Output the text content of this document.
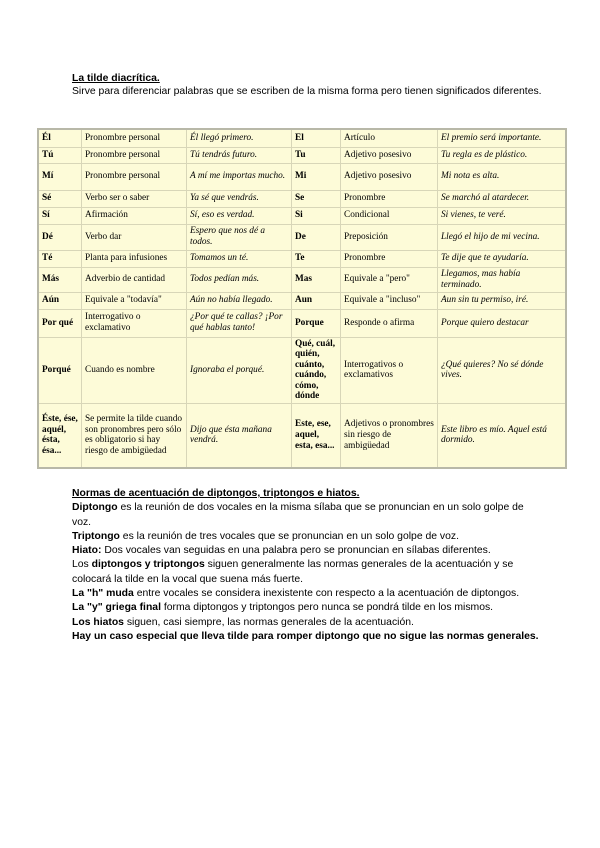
La tilde diacrítica.
Sirve para diferenciar palabras que se escriben de la misma forma pero tienen significados diferentes.
Él	Pronombre personal	Él llegó primero.	El	Artículo	El premio será importante.
Tú	Pronombre personal	Tú tendrás futuro.	Tu	Adjetivo posesivo	Tu regla es de plástico.
Mí	Pronombre personal	A mí me importas mucho.	Mi	Adjetivo posesivo	Mi nota es alta.
Sé	Verbo ser o saber	Ya sé que vendrás.	Se	Pronombre	Se marchó al atardecer.
Sí	Afirmación	Sí, eso es verdad.	Si	Condicional	Si vienes, te veré.
Dé	Verbo dar	Espero que nos dé a todos.	De	Preposición	Llegó el hijo de mi vecina.
Té	Planta para infusiones	Tomamos un té.	Te	Pronombre	Te dije que te ayudaría.
Más	Adverbio de cantidad	Todos pedían más.	Mas	Equivale a "pero"	Llegamos, mas había terminado.
Aún	Equivale a "todavía"	Aún no había llegado.	Aun	Equivale a "incluso"	Aun sin tu permiso, iré.
Por qué	Interrogativo o exclamativo	¿Por qué te callas? ¡Por qué hablas tanto!	Porque	Responde o afirma	Porque quiero destacar
Porqué	Cuando es nombre	Ignoraba el porqué.	Qué, cuál, quién, cuánto, cuándo, cómo, dónde	Interrogativos o exclamativos	¿Qué quieres? No sé dónde vives.
Éste, ése, aquél, ésta, ésa...	Se permite la tilde cuando son pronombres pero sólo es obligatorio si hay riesgo de ambigüedad	Dijo que ésta mañana vendrá.	Este, ese, aquel, esta, esa...	Adjetivos o pronombres sin riesgo de ambigüedad	Este libro es mío. Aquel está dormido.

Normas de acentuación de diptongos, triptongos e hiatos.

Diptongo es la reunión de dos vocales en la misma sílaba que se pronuncian en un solo golpe de voz.

Triptongo es la reunión de tres vocales que se pronuncian en un solo golpe de voz.

Hiato: Dos vocales van seguidas en una palabra pero se pronuncian en sílabas diferentes.

Los diptongos y triptongos siguen generalmente las normas generales de la acentuación y se colocará la tilde en la vocal que suena más fuerte.

La "h" muda entre vocales se considera inexistente con respecto a la acentuación de diptongos.

La "y" griega final forma diptongos y triptongos pero nunca se pondrá tilde en los mismos.

Los hiatos siguen, casi siempre, las normas generales de la acentuación.

Hay un caso especial que lleva tilde para romper diptongo que no sigue las normas generales.
